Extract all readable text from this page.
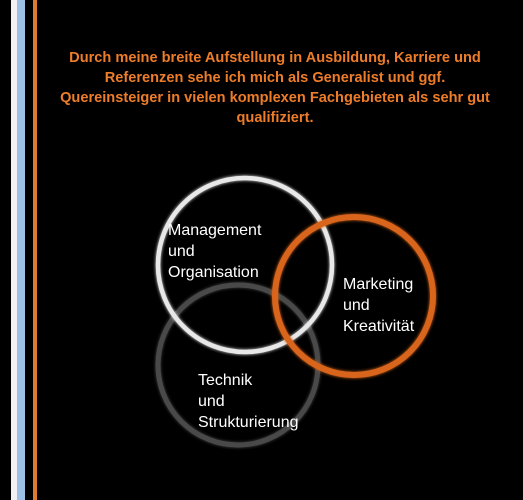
Durch meine breite Aufstellung in Ausbildung, Karriere und Referenzen sehe ich mich als Generalist und ggf. Quereinsteiger in vielen komplexen Fachgebieten als sehr gut qualifiziert.
Management
und
Organisation
Marketing
und
Kreativität
Technik
und
Strukturierung
